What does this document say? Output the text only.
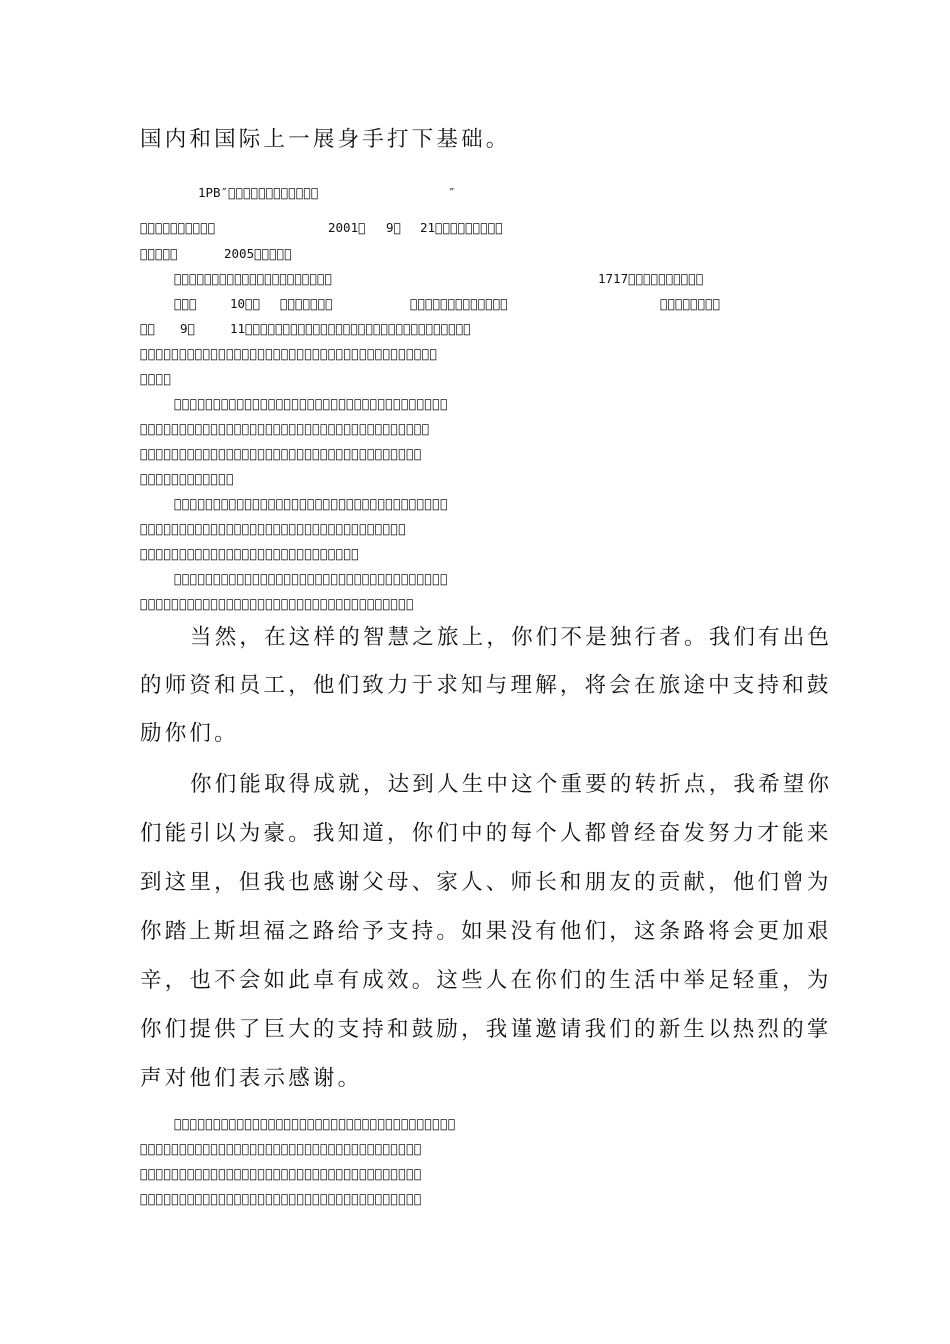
国内和国际上一展身手打下基础。

1PB″􀀀􀀀􀀀􀀀􀀀􀀀􀀀􀀀􀀀􀀀􀀀􀀀	″
􀀀􀀀􀀀􀀀􀀀􀀀􀀀􀀀􀀀􀀀	2001􀀀 9􀀀 21􀀀􀀀􀀀􀀀􀀀􀀀􀀀􀀀􀀀
􀀀􀀀􀀀􀀀􀀀	2005􀀀􀀀􀀀􀀀􀀀
􀀀􀀀􀀀􀀀􀀀􀀀􀀀􀀀􀀀􀀀􀀀􀀀􀀀􀀀􀀀􀀀􀀀􀀀􀀀􀀀􀀀	1717􀀀􀀀􀀀􀀀􀀀􀀀􀀀􀀀􀀀􀀀
􀀀􀀀􀀀	10􀀀􀀀 􀀀􀀀􀀀􀀀􀀀􀀀􀀀	􀀀􀀀􀀀􀀀􀀀􀀀􀀀􀀀􀀀􀀀􀀀􀀀􀀀	􀀀􀀀􀀀􀀀􀀀􀀀􀀀􀀀
􀀀􀀀 9􀀀	11􀀀􀀀􀀀􀀀􀀀􀀀􀀀􀀀􀀀􀀀􀀀􀀀􀀀􀀀􀀀􀀀􀀀􀀀􀀀􀀀􀀀􀀀􀀀􀀀􀀀􀀀􀀀􀀀􀀀􀀀

􀀀􀀀􀀀􀀀􀀀􀀀􀀀􀀀􀀀􀀀􀀀􀀀􀀀􀀀􀀀􀀀􀀀􀀀􀀀􀀀􀀀􀀀􀀀􀀀􀀀􀀀􀀀􀀀􀀀􀀀􀀀􀀀􀀀􀀀􀀀􀀀􀀀􀀀

􀀀􀀀􀀀􀀀

􀀀􀀀􀀀􀀀􀀀􀀀􀀀􀀀􀀀􀀀􀀀􀀀􀀀􀀀􀀀􀀀􀀀􀀀􀀀􀀀􀀀􀀀􀀀􀀀􀀀􀀀􀀀􀀀􀀀􀀀􀀀􀀀􀀀􀀀􀀀

􀀀􀀀􀀀􀀀􀀀􀀀􀀀􀀀􀀀􀀀􀀀􀀀􀀀􀀀􀀀􀀀􀀀􀀀􀀀􀀀􀀀􀀀􀀀􀀀􀀀􀀀􀀀􀀀􀀀􀀀􀀀􀀀􀀀􀀀􀀀􀀀􀀀

􀀀􀀀􀀀􀀀􀀀􀀀􀀀􀀀􀀀􀀀􀀀􀀀􀀀􀀀􀀀􀀀􀀀􀀀􀀀􀀀􀀀􀀀􀀀􀀀􀀀􀀀􀀀􀀀􀀀􀀀􀀀􀀀􀀀􀀀􀀀􀀀

􀀀􀀀􀀀􀀀􀀀􀀀􀀀􀀀􀀀􀀀􀀀􀀀

􀀀􀀀􀀀􀀀􀀀􀀀􀀀􀀀􀀀􀀀􀀀􀀀􀀀􀀀􀀀􀀀􀀀􀀀􀀀􀀀􀀀􀀀􀀀􀀀􀀀􀀀􀀀􀀀􀀀􀀀􀀀􀀀􀀀􀀀􀀀

􀀀􀀀􀀀􀀀􀀀􀀀􀀀􀀀􀀀􀀀􀀀􀀀􀀀􀀀􀀀􀀀􀀀􀀀􀀀􀀀􀀀􀀀􀀀􀀀􀀀􀀀􀀀􀀀􀀀􀀀􀀀􀀀􀀀􀀀

􀀀􀀀􀀀􀀀􀀀􀀀􀀀􀀀􀀀􀀀􀀀􀀀􀀀􀀀􀀀􀀀􀀀􀀀􀀀􀀀􀀀􀀀􀀀􀀀􀀀􀀀􀀀􀀀

􀀀􀀀􀀀􀀀􀀀􀀀􀀀􀀀􀀀􀀀􀀀􀀀􀀀􀀀􀀀􀀀􀀀􀀀􀀀􀀀􀀀􀀀􀀀􀀀􀀀􀀀􀀀􀀀􀀀􀀀􀀀􀀀􀀀􀀀􀀀

􀀀􀀀􀀀􀀀􀀀􀀀􀀀􀀀􀀀􀀀􀀀􀀀􀀀􀀀􀀀􀀀􀀀􀀀􀀀􀀀􀀀􀀀􀀀􀀀􀀀􀀀􀀀􀀀􀀀􀀀􀀀􀀀􀀀􀀀􀀀

当然，在这样的智慧之旅上，你们不是独行者。我们有出色

的师资和员工，他们致力于求知与理解，将会在旅途中支持和鼓

励你们。

你们能取得成就，达到人生中这个重要的转折点，我希望你

们能引以为豪。我知道，你们中的每个人都曾经奋发努力才能来

到这里，但我也感谢父母、家人、师长和朋友的贡献，他们曾为

你踏上斯坦福之路给予支持。如果没有他们，这条路将会更加艰

辛，也不会如此卓有成效。这些人在你们的生活中举足轻重，为

你们提供了巨大的支持和鼓励，我谨邀请我们的新生以热烈的掌

声对他们表示感谢。

􀀀􀀀􀀀􀀀􀀀􀀀􀀀􀀀􀀀􀀀􀀀􀀀􀀀􀀀􀀀􀀀􀀀􀀀􀀀􀀀􀀀􀀀􀀀􀀀􀀀􀀀􀀀􀀀􀀀􀀀􀀀􀀀􀀀􀀀􀀀􀀀

􀀀􀀀􀀀􀀀􀀀􀀀􀀀􀀀􀀀􀀀􀀀􀀀􀀀􀀀􀀀􀀀􀀀􀀀􀀀􀀀􀀀􀀀􀀀􀀀􀀀􀀀􀀀􀀀􀀀􀀀􀀀􀀀􀀀􀀀􀀀􀀀

􀀀􀀀􀀀􀀀􀀀􀀀􀀀􀀀􀀀􀀀􀀀􀀀􀀀􀀀􀀀􀀀􀀀􀀀􀀀􀀀􀀀􀀀􀀀􀀀􀀀􀀀􀀀􀀀􀀀􀀀􀀀􀀀􀀀􀀀􀀀􀀀

􀀀􀀀􀀀􀀀􀀀􀀀􀀀􀀀􀀀􀀀􀀀􀀀􀀀􀀀􀀀􀀀􀀀􀀀􀀀􀀀􀀀􀀀􀀀􀀀􀀀􀀀􀀀􀀀􀀀􀀀􀀀􀀀􀀀􀀀􀀀􀀀
